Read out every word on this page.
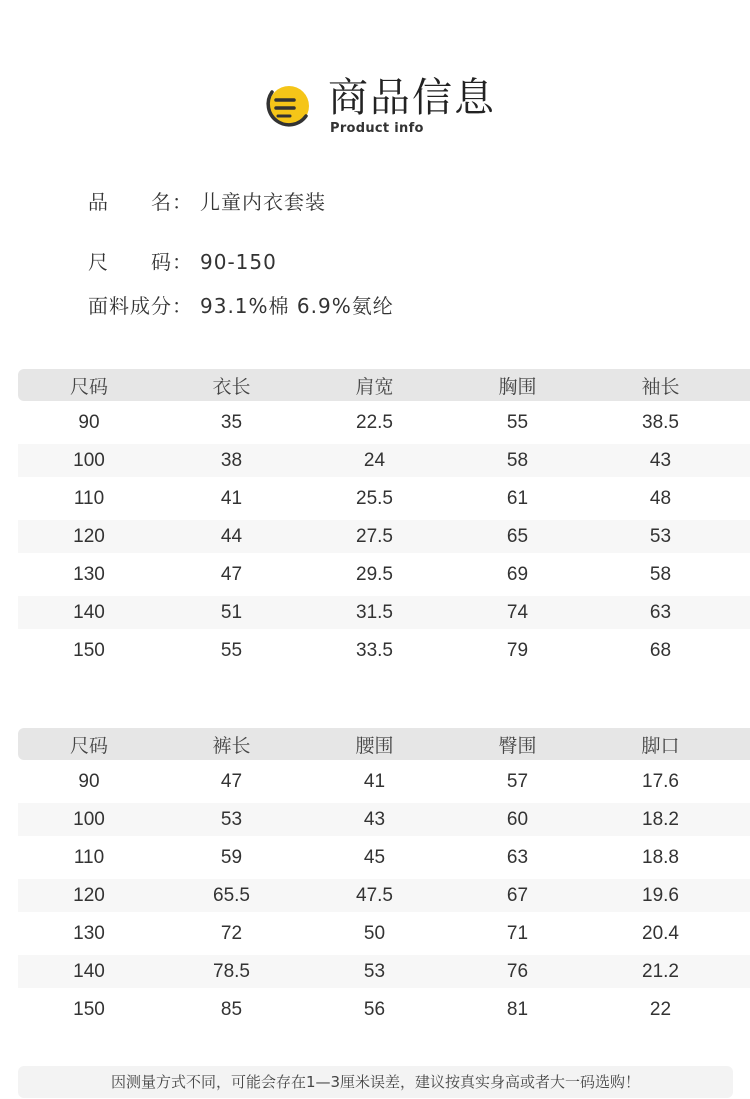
商品信息
Product info
品　　名： 儿童内衣套装
尺　　码： 90-150
面料成分： 93.1%棉 6.9%氨纶
尺码	衣长	肩宽	胸围	袖长
90	35	22.5	55	38.5
100	38	24	58	43
110	41	25.5	61	48
120	44	27.5	65	53
130	47	29.5	69	58
140	51	31.5	74	63
150	55	33.5	79	68
尺码	裤长	腰围	臀围	脚口
90	47	41	57	17.6
100	53	43	60	18.2
110	59	45	63	18.8
120	65.5	47.5	67	19.6
130	72	50	71	20.4
140	78.5	53	76	21.2
150	85	56	81	22
因测量方式不同，可能会存在1—3厘米误差，建议按真实身高或者大一码选购！
